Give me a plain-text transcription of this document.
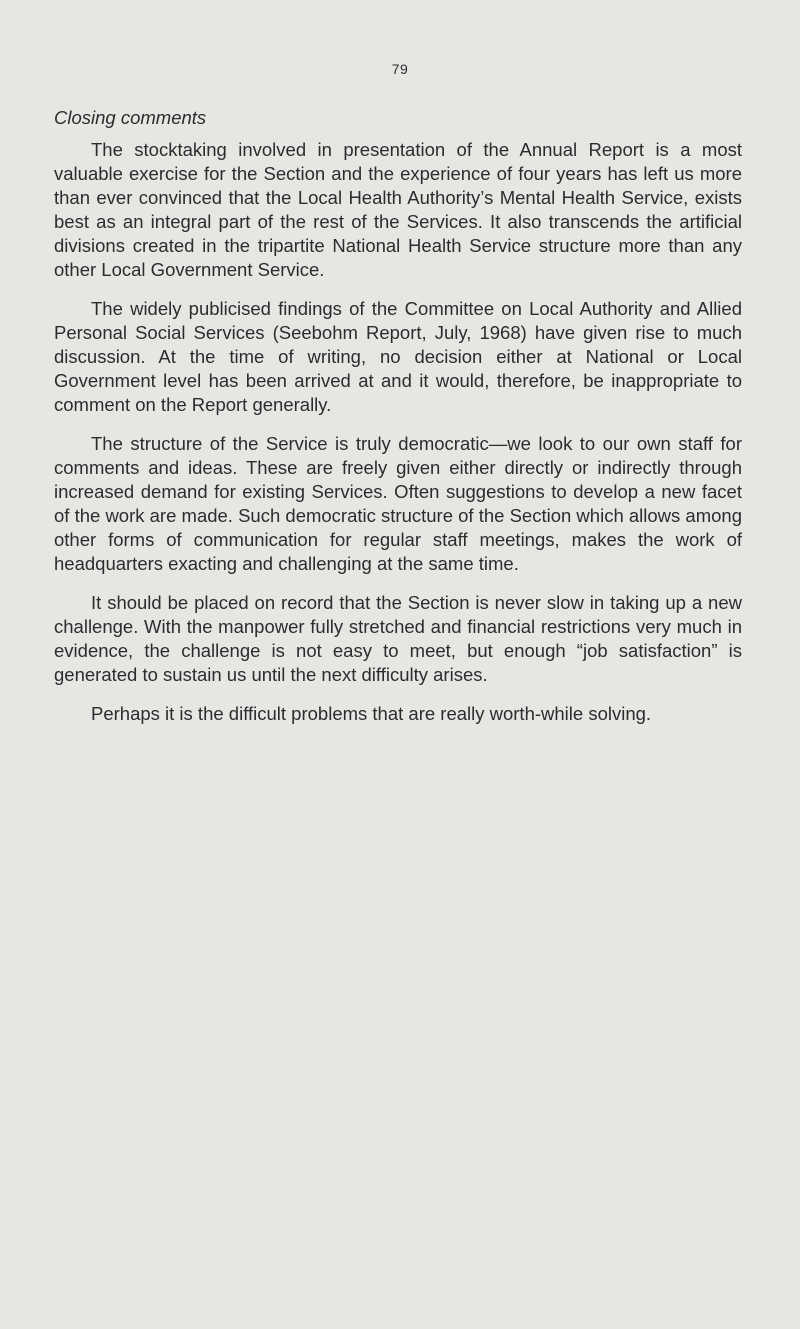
79
Closing comments

The stocktaking involved in presentation of the Annual Report is a most valuable exercise for the Section and the experience of four years has left us more than ever convinced that the Local Health Authority’s Mental Health Service, exists best as an integral part of the rest of the Services. It also transcends the artificial divisions created in the tripartite National Health Service structure more than any other Local Government Service.

The widely publicised findings of the Committee on Local Authority and Allied Personal Social Services (Seebohm Report, July, 1968) have given rise to much discussion. At the time of writing, no decision either at National or Local Government level has been arrived at and it would, therefore, be inappropriate to comment on the Report generally.

The structure of the Service is truly democratic—we look to our own staff for comments and ideas. These are freely given either directly or indirectly through increased demand for existing Services. Often suggestions to develop a new facet of the work are made. Such democratic structure of the Section which allows among other forms of communication for regular staff meetings, makes the work of headquarters exacting and challenging at the same time.

It should be placed on record that the Section is never slow in taking up a new challenge. With the manpower fully stretched and financial restrictions very much in evidence, the challenge is not easy to meet, but enough “job satisfaction” is generated to sustain us until the next difficulty arises.

Perhaps it is the difficult problems that are really worth-while solving.
